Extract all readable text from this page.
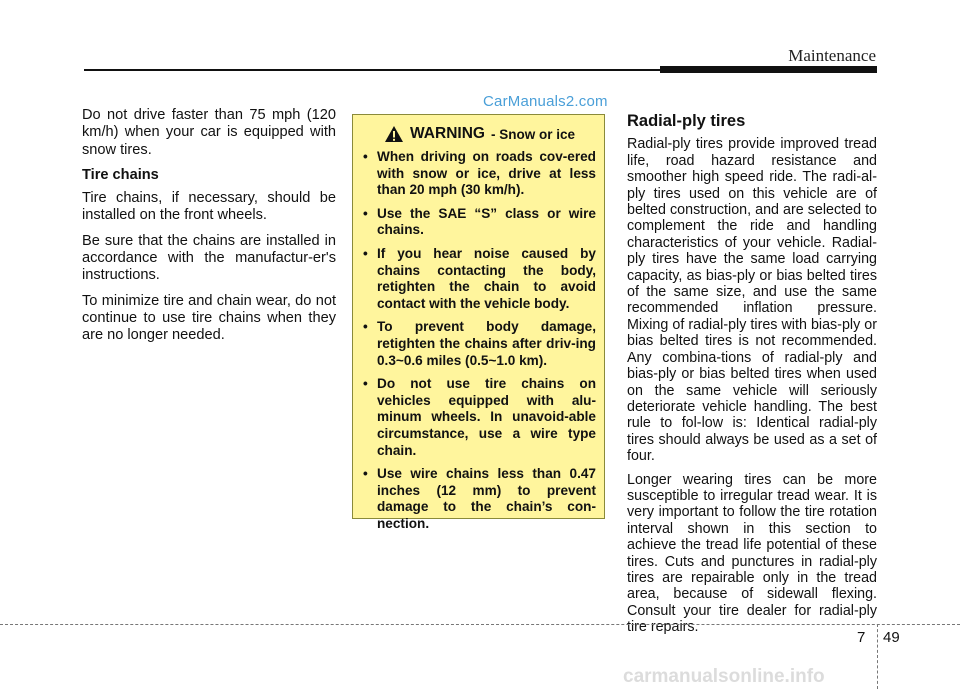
Maintenance
CarManuals2.com

Do not drive faster than 75 mph (120 km/h) when your car is equipped with snow tires.

Tire chains

Tire chains, if necessary, should be installed on the front wheels.

Be sure that the chains are installed in accordance with the manufactur-er's instructions.

To minimize tire and chain wear, do not continue to use tire chains when they are no longer needed.

WARNING - Snow or ice
• When driving on roads cov-ered with snow or ice, drive at less than 20 mph (30 km/h).
• Use the SAE “S” class or wire chains.
• If you hear noise caused by chains contacting the body, retighten the chain to avoid contact with the vehicle body.
• To prevent body damage, retighten the chains after driv-ing 0.3~0.6 miles (0.5~1.0 km).
• Do not use tire chains on vehicles equipped with alu-minum wheels. In unavoid-able circumstance, use a wire type chain.
• Use wire chains less than 0.47 inches (12 mm) to prevent damage to the chain’s con-nection.
Radial-ply tires

Radial-ply tires provide improved tread life, road hazard resistance and smoother high speed ride. The radi-al-ply tires used on this vehicle are of belted construction, and are selected to complement the ride and handling characteristics of your vehicle. Radial-ply tires have the same load carrying capacity, as bias-ply or bias belted tires of the same size, and use the same recommended inflation pressure. Mixing of radial-ply tires with bias-ply or bias belted tires is not recommended. Any combina-tions of radial-ply and bias-ply or bias belted tires when used on the same vehicle will seriously deteriorate vehicle handling. The best rule to fol-low is: Identical radial-ply tires should always be used as a set of four.

Longer wearing tires can be more susceptible to irregular tread wear. It is very important to follow the tire rotation interval shown in this section to achieve the tread life potential of these tires. Cuts and punctures in radial-ply tires are repairable only in the tread area, because of sidewall flexing. Consult your tire dealer for radial-ply tire repairs.

7 49
carmanualsonline.info
